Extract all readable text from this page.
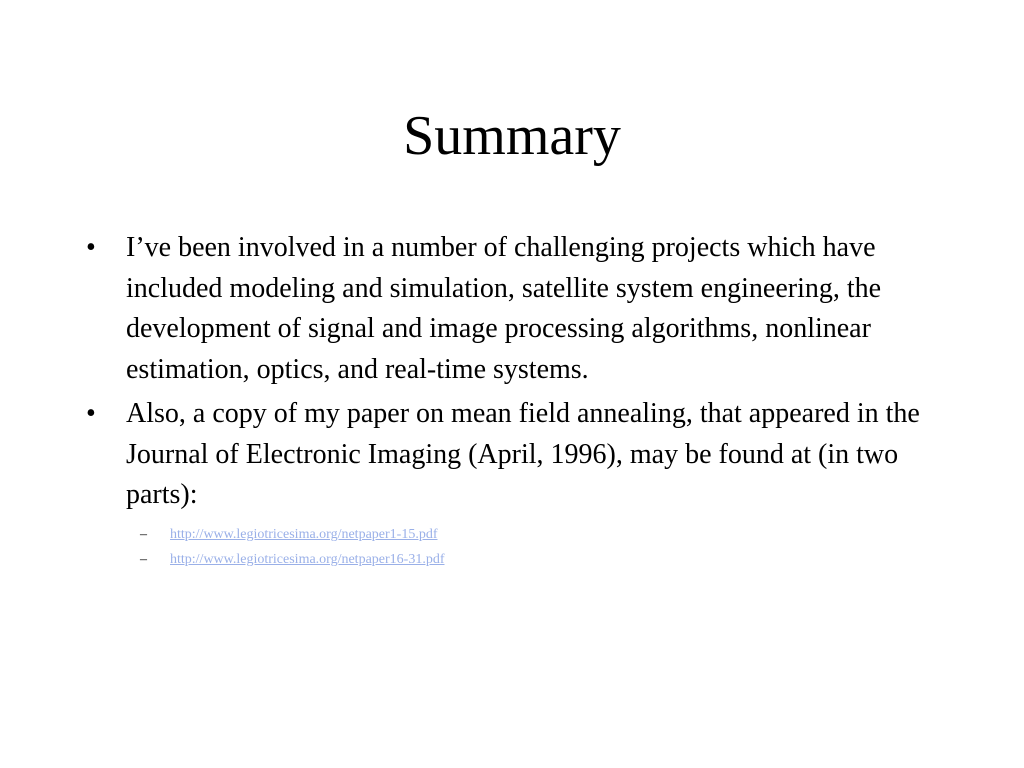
Summary
•	I’ve been involved in a number of challenging projects which have included modeling and simulation, satellite system engineering, the development of signal and image processing algorithms, nonlinear estimation, optics, and real-time systems.
•	Also, a copy of my paper on mean field annealing, that appeared in the Journal of Electronic Imaging (April, 1996), may be found at (in two parts):
– http://www.legiotricesima.org/netpaper1-15.pdf
– http://www.legiotricesima.org/netpaper16-31.pdf
